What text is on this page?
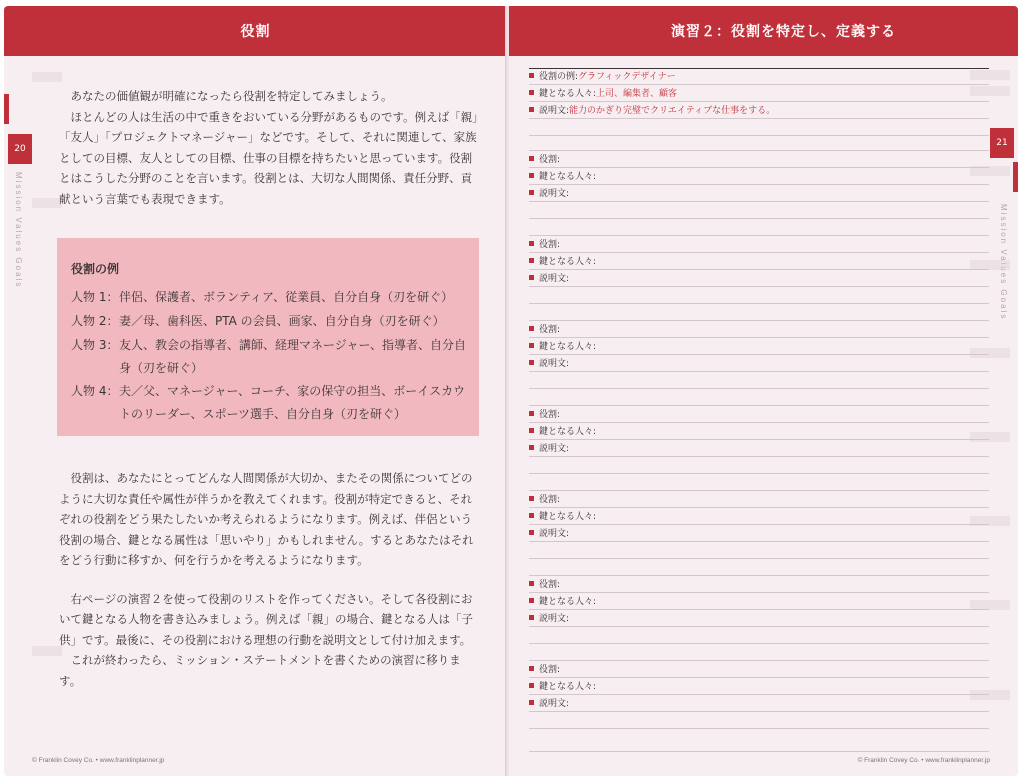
役割
20
Mission Values Goals

あなたの価値観が明確になったら役割を特定してみましょう。

ほとんどの人は生活の中で重きをおいている分野があるものです。例えば「親」「友人」「プロジェクトマネージャー」などです。そして、それに関連して、家族としての目標、友人としての目標、仕事の目標を持ちたいと思っています。役割とはこうした分野のことを言います。役割とは、大切な人間関係、責任分野、貢献という言葉でも表現できます。

役割の例
人物 1： 伴侶、保護者、ボランティア、従業員、自分自身（刃を研ぐ）
人物 2： 妻／母、歯科医、PTA の会員、画家、自分自身（刃を研ぐ）
人物 3： 友人、教会の指導者、講師、経理マネージャー、指導者、自分自身（刃を研ぐ）
人物 4： 夫／父、マネージャー、コーチ、家の保守の担当、ボーイスカウトのリーダー、スポーツ選手、自分自身（刃を研ぐ）

役割は、あなたにとってどんな人間関係が大切か、またその関係についてどのように大切な責任や属性が伴うかを教えてくれます。役割が特定できると、それぞれの役割をどう果たしたいか考えられるようになります。例えば、伴侶という役割の場合、鍵となる属性は「思いやり」かもしれません。するとあなたはそれをどう行動に移すか、何を行うかを考えるようになります。

右ページの演習２を使って役割のリストを作ってください。そして各役割において鍵となる人物を書き込みましょう。例えば「親」の場合、鍵となる人は「子供」です。最後に、その役割における理想の行動を説明文として付け加えます。

これが終わったら、ミッション・ステートメントを書くための演習に移ります。

© Franklin Covey Co. • www.franklinplanner.jp
演習２：役割を特定し、定義する
21
Mission Values Goals
役割の例:グラフィックデザイナー
鍵となる人々:上司、編集者、顧客
説明文:能力のかぎり完璧でクリエイティブな仕事をする。
役割:
鍵となる人々:
説明文:
役割:
鍵となる人々:
説明文:
役割:
鍵となる人々:
説明文:
役割:
鍵となる人々:
説明文:
役割:
鍵となる人々:
説明文:
役割:
鍵となる人々:
説明文:
役割:
鍵となる人々:
説明文:
© Franklin Covey Co. • www.franklinplanner.jp
